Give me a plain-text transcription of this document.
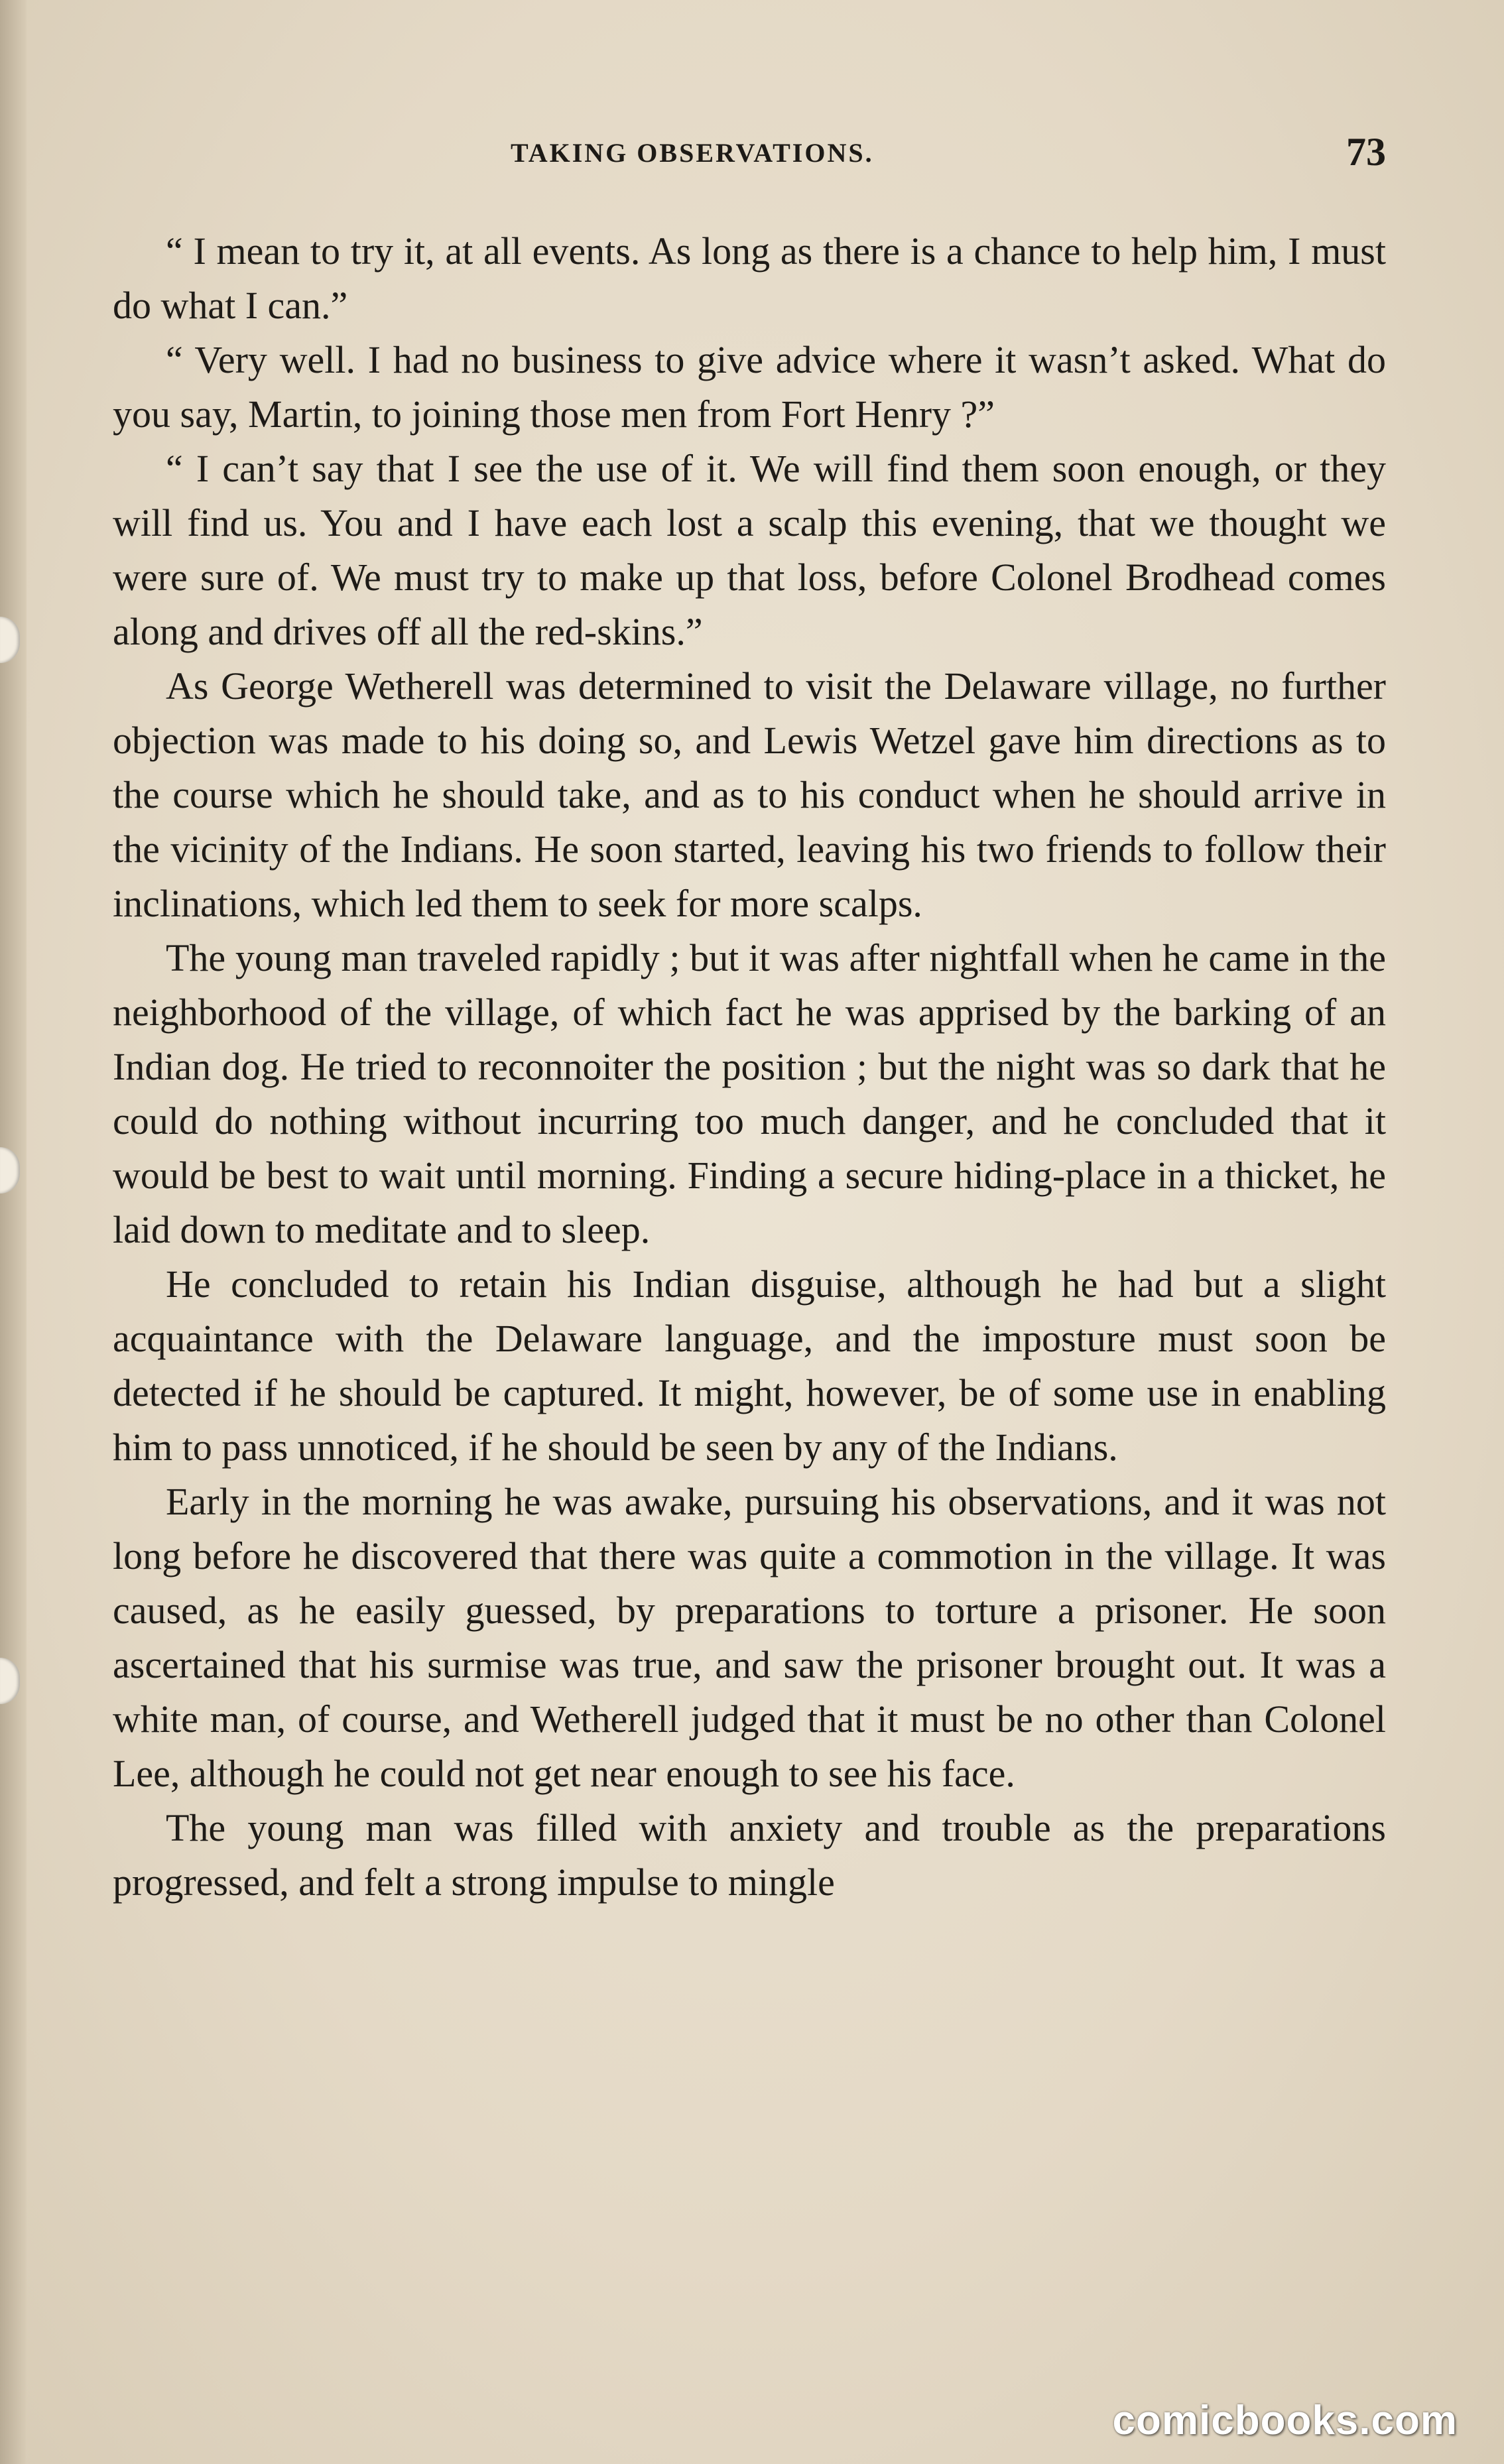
TAKING OBSERVATIONS.	73

“ I mean to try it, at all events. As long as there is a chance to help him, I must do what I can.”

“ Very well. I had no business to give advice where it wasn’t asked. What do you say, Martin, to joining those men from Fort Henry ?”

“ I can’t say that I see the use of it. We will find them soon enough, or they will find us. You and I have each lost a scalp this evening, that we thought we were sure of. We must try to make up that loss, before Colonel Brodhead comes along and drives off all the red-skins.”

As George Wetherell was determined to visit the Delaware village, no further objection was made to his doing so, and Lewis Wetzel gave him directions as to the course which he should take, and as to his conduct when he should arrive in the vicinity of the Indians. He soon started, leaving his two friends to follow their inclinations, which led them to seek for more scalps.

The young man traveled rapidly ; but it was after nightfall when he came in the neighborhood of the village, of which fact he was apprised by the barking of an Indian dog. He tried to reconnoiter the position ; but the night was so dark that he could do nothing without incurring too much danger, and he concluded that it would be best to wait until morning. Finding a secure hiding-place in a thicket, he laid down to meditate and to sleep.

He concluded to retain his Indian disguise, although he had but a slight acquaintance with the Delaware language, and the imposture must soon be detected if he should be captured. It might, however, be of some use in enabling him to pass unnoticed, if he should be seen by any of the Indians.

Early in the morning he was awake, pursuing his observations, and it was not long before he discovered that there was quite a commotion in the village. It was caused, as he easily guessed, by preparations to torture a prisoner. He soon ascertained that his surmise was true, and saw the prisoner brought out. It was a white man, of course, and Wetherell judged that it must be no other than Colonel Lee, although he could not get near enough to see his face.

The young man was filled with anxiety and trouble as the preparations progressed, and felt a strong impulse to mingle

comicbooks.com
